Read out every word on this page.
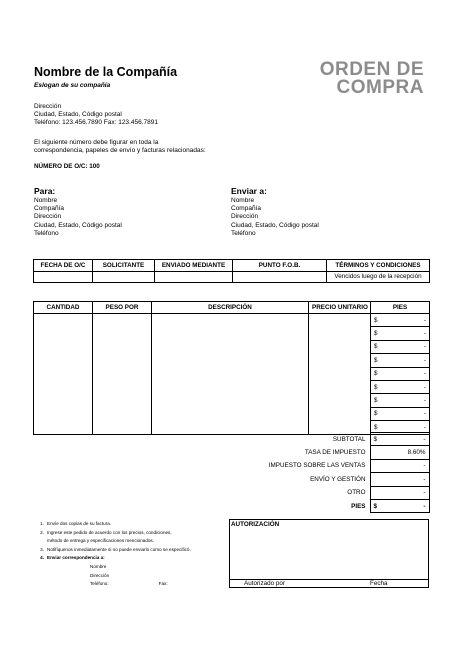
Nombre de la Compañía
Eslogan de su compañía
ORDEN DE
COMPRA
Dirección
Ciudad, Estado, Código postal
Teléfono: 123.456.7890 Fax: 123.456.7891
El siguiente número debe figurar en toda la
correspondencia, papeles de envío y facturas relacionadas:
NÚMERO DE O/C: 100
Para:
Nombre
Compañía
Dirección
Ciudad, Estado, Código postal
Teléfono
Enviar a:
Nombre
Compañía
Dirección
Ciudad, Estado, Código postal
Teléfono
FECHA DE O/C	SOLICITANTE	ENVIADO MEDIANTE	PUNTO F.O.B.	TÉRMINOS Y CONDICIONES
				Vencidos luego de la recepción
CANTIDAD	PESO POR	DESCRIPCIÓN	PRECIO UNITARIO	PIES

				$ -

				$ -

				$ -

				$ -

				$ -

				$ -

				$ -

				$ -

				$ -
SUBTOTAL	$ -
TASA DE IMPUESTO	8.60%
IMPUESTO SOBRE LAS VENTAS	-
ENVÍO Y GESTIÓN	-
OTRO	-
PIES	$ -
1. Envíe dos copias de su factura.
2. Ingrese este pedido de acuerdo con los precios, condiciones,
método de entrega y especificaciones mencionados.
3. Notifíquenos inmediatamente si no puede enviarlo como se especificó.
4. Enviar correspondencia a:
Nombre
Dirección
Teléfono:	Fax:
AUTORIZACIÓN
Autorizado por	Fecha
